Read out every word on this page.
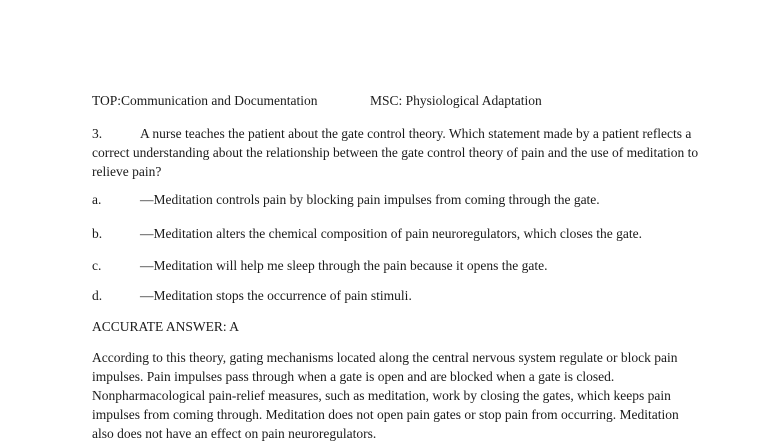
TOP:Communication and Documentation	MSC: Physiological Adaptation
3.	A nurse teaches the patient about the gate control theory. Which statement made by a patient reflects a correct understanding about the relationship between the gate control theory of pain and the use of meditation to relieve pain?
a.	—Meditation controls pain by blocking pain impulses from coming through the gate.
b.	—Meditation alters the chemical composition of pain neuroregulators, which closes the gate.
c.	—Meditation will help me sleep through the pain because it opens the gate.
d.	—Meditation stops the occurrence of pain stimuli.
ACCURATE ANSWER: A
According to this theory, gating mechanisms located along the central nervous system regulate or block pain impulses. Pain impulses pass through when a gate is open and are blocked when a gate is closed. Nonpharmacological pain-relief measures, such as meditation, work by closing the gates, which keeps pain impulses from coming through. Meditation does not open pain gates or stop pain from occurring. Meditation also does not have an effect on pain neuroregulators.
